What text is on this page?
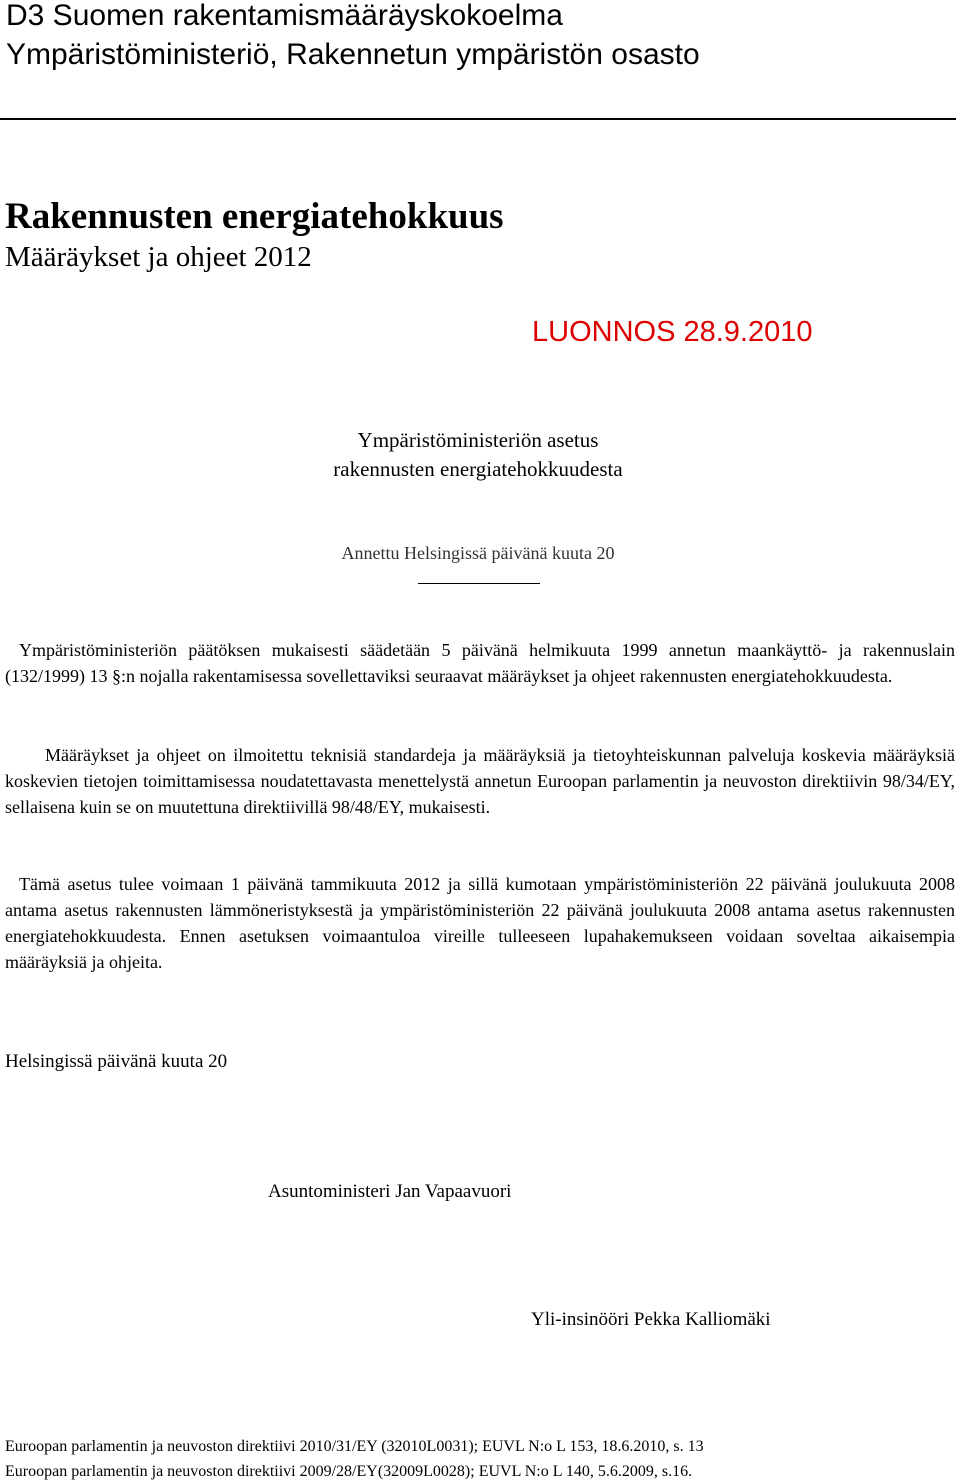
D3 Suomen rakentamismääräyskokoelma
Ympäristöministeriö, Rakennetun ympäristön osasto
Rakennusten energiatehokkuus
Määräykset ja ohjeet 2012
LUONNOS 28.9.2010
Ympäristöministeriön asetus
rakennusten energiatehokkuudesta
Annettu Helsingissä päivänä kuuta 20

Ympäristöministeriön päätöksen mukaisesti säädetään 5 päivänä helmikuuta 1999 annetun maankäyttö- ja rakennuslain (132/1999) 13 §:n nojalla rakentamisessa sovellettaviksi seuraavat määräykset ja ohjeet rakennusten energiatehokkuudesta.

Määräykset ja ohjeet on ilmoitettu teknisiä standardeja ja määräyksiä ja tietoyhteiskunnan palveluja koskevia määräyksiä koskevien tietojen toimittamisessa noudatettavasta menettelystä annetun Euroopan parlamentin ja neuvoston direktiivin 98/34/EY, sellaisena kuin se on muutettuna direktiivillä 98/48/EY, mukaisesti.

Tämä asetus tulee voimaan 1 päivänä tammikuuta 2012 ja sillä kumotaan ympäristöministeriön 22 päivänä joulukuuta 2008 antama asetus rakennusten lämmöneristyksestä ja ympäristöministeriön 22 päivänä joulukuuta 2008 antama asetus rakennusten energiatehokkuudesta. Ennen asetuksen voimaantuloa vireille tulleeseen lupahakemukseen voidaan soveltaa aikaisempia määräyksiä ja ohjeita.

Helsingissä päivänä kuuta 20
Asuntoministeri Jan Vapaavuori
Yli-insinööri Pekka Kalliomäki
Euroopan parlamentin ja neuvoston direktiivi 2010/31/EY (32010L0031); EUVL N:o L 153, 18.6.2010, s. 13
Euroopan parlamentin ja neuvoston direktiivi 2009/28/EY(32009L0028); EUVL N:o L 140, 5.6.2009, s.16.
